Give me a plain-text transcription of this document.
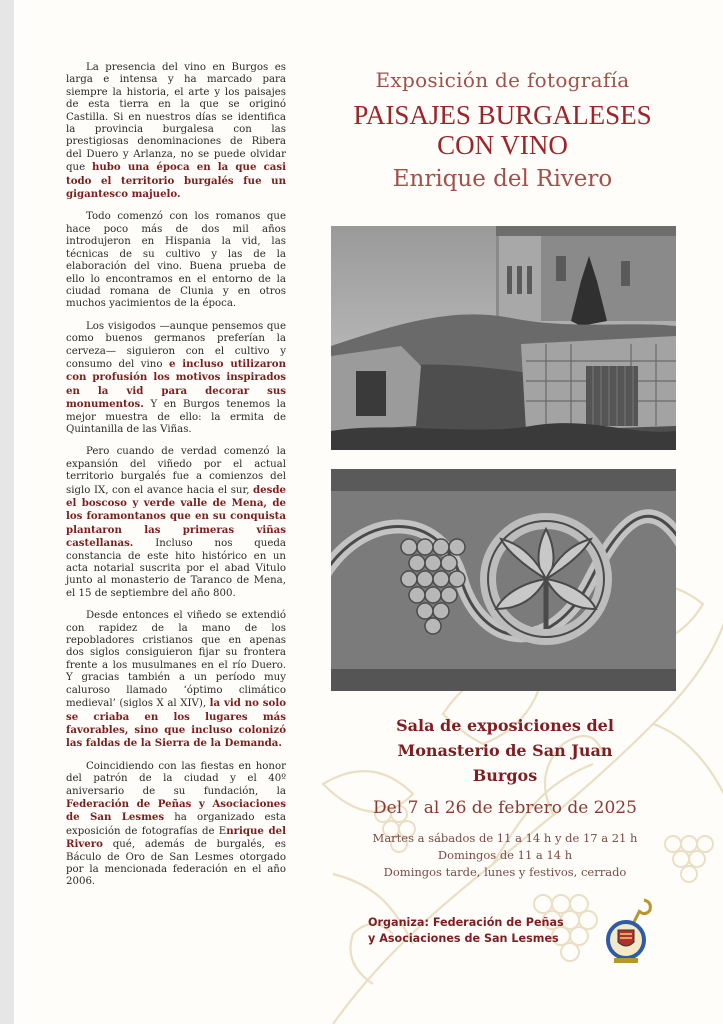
La presencia del vino en Burgos es larga e intensa y ha marcado para siempre la historia, el arte y los paisajes de esta tierra en la que se originó Castilla. Si en nuestros días se identifica la provincia burgalesa con las prestigiosas denominaciones de Ribera del Duero y Arlanza, no se puede olvidar que hubo una época en la que casi todo el territorio burgalés fue un gigantesco majuelo.

Todo comenzó con los romanos que hace poco más de dos mil años introdujeron en Hispania la vid, las técnicas de su cultivo y las de la elaboración del vino. Buena prueba de ello lo encontramos en el entorno de la ciudad romana de Clunia y en otros muchos yacimientos de la época.

Los visigodos —aunque pensemos que como buenos germanos preferían la cerveza— siguieron con el cultivo y consumo del vino e incluso utilizaron con profusión los motivos inspirados en la vid para decorar sus monumentos. Y en Burgos tenemos la mejor muestra de ello: la ermita de Quintanilla de las Viñas.

Pero cuando de verdad comenzó la expansión del viñedo por el actual territorio burgalés fue a comienzos del siglo IX, con el avance hacia el sur, desde el boscoso y verde valle de Mena, de los foramontanos que en su conquista plantaron las primeras viñas castellanas. Incluso nos queda constancia de este hito histórico en un acta notarial suscrita por el abad Vitulo junto al monasterio de Taranco de Mena, el 15 de septiembre del año 800.

Desde entonces el viñedo se extendió con rapidez de la mano de los repobladores cristianos que en apenas dos siglos consiguieron fijar su frontera frente a los musulmanes en el río Duero. Y gracias también a un período muy caluroso llamado ‘óptimo climático medieval’ (siglos X al XIV), la vid no solo se criaba en los lugares más favorables, sino que incluso colonizó las faldas de la Sierra de la Demanda.

Coincidiendo con las fiestas en honor del patrón de la ciudad y el 40º aniversario de su fundación, la Federación de Peñas y Asociaciones de San Lesmes ha organizado esta exposición de fotografías de Enrique del Rivero qué, además de burgalés, es Báculo de Oro de San Lesmes otorgado por la mencionada federación en el año 2006.

Exposición de fotografía
PAISAJES BURGALESES
CON VINO
Enrique del Rivero
Sala de exposiciones del
Monasterio de San Juan
Burgos
Del 7 al 26 de febrero de 2025
Martes a sábados de 11 a 14 h y de 17 a 21 h
Domingos de 11 a 14 h
Domingos tarde, lunes y festivos, cerrado
Organiza: Federación de Peñas
y Asociaciones de San Lesmes
